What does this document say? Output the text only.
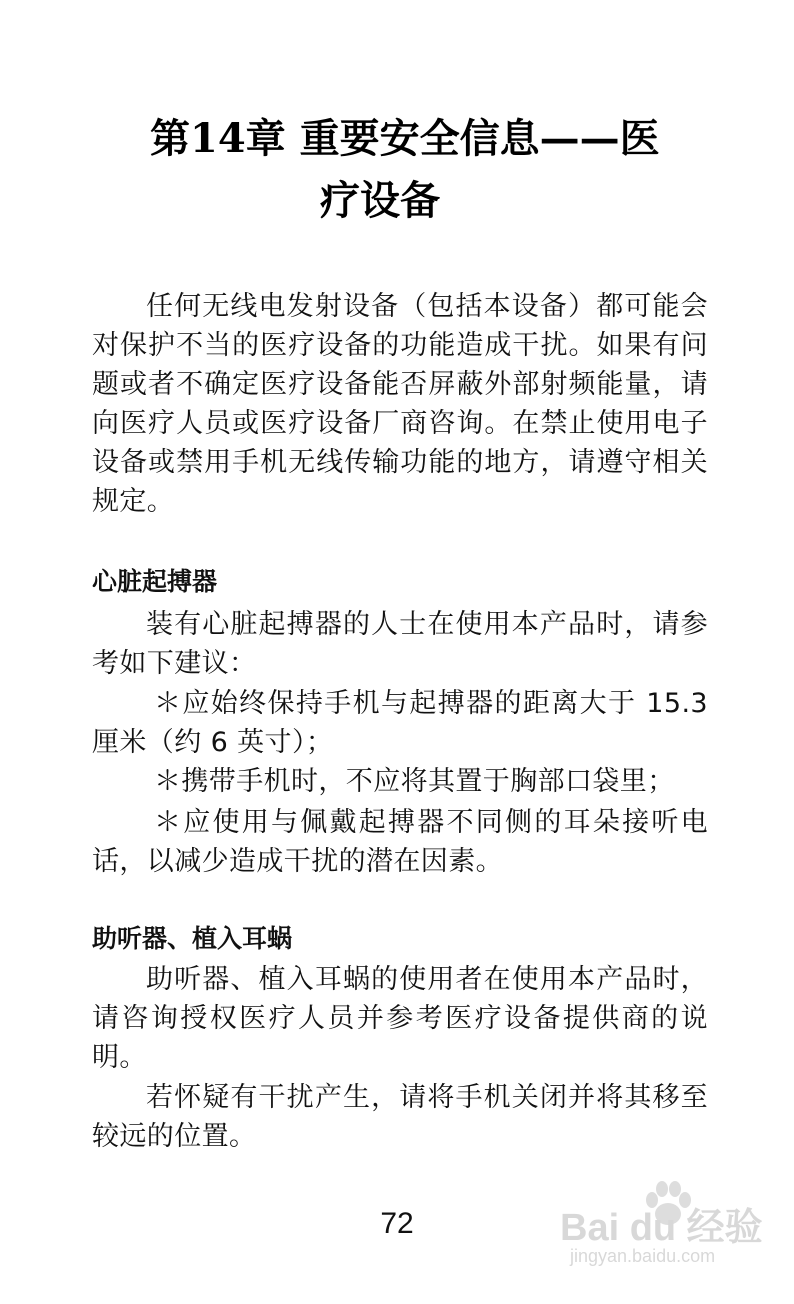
第14章 重要安全信息——医
疗设备

任何无线电发射设备（包括本设备）都可能会对保护不当的医疗设备的功能造成干扰。如果有问题或者不确定医疗设备能否屏蔽外部射频能量，请向医疗人员或医疗设备厂商咨询。在禁止使用电子设备或禁用手机无线传输功能的地方，请遵守相关规定。

心脏起搏器

装有心脏起搏器的人士在使用本产品时，请参考如下建议：

＊应始终保持手机与起搏器的距离大于 15.3 厘米（约 6 英寸）；

＊携带手机时，不应将其置于胸部口袋里；

＊应使用与佩戴起搏器不同侧的耳朵接听电话，以减少造成干扰的潜在因素。

助听器、植入耳蜗

助听器、植入耳蜗的使用者在使用本产品时，请咨询授权医疗人员并参考医疗设备提供商的说明。

若怀疑有干扰产生，请将手机关闭并将其移至较远的位置。

72	Bai du 经验
jingyan.baidu.com
